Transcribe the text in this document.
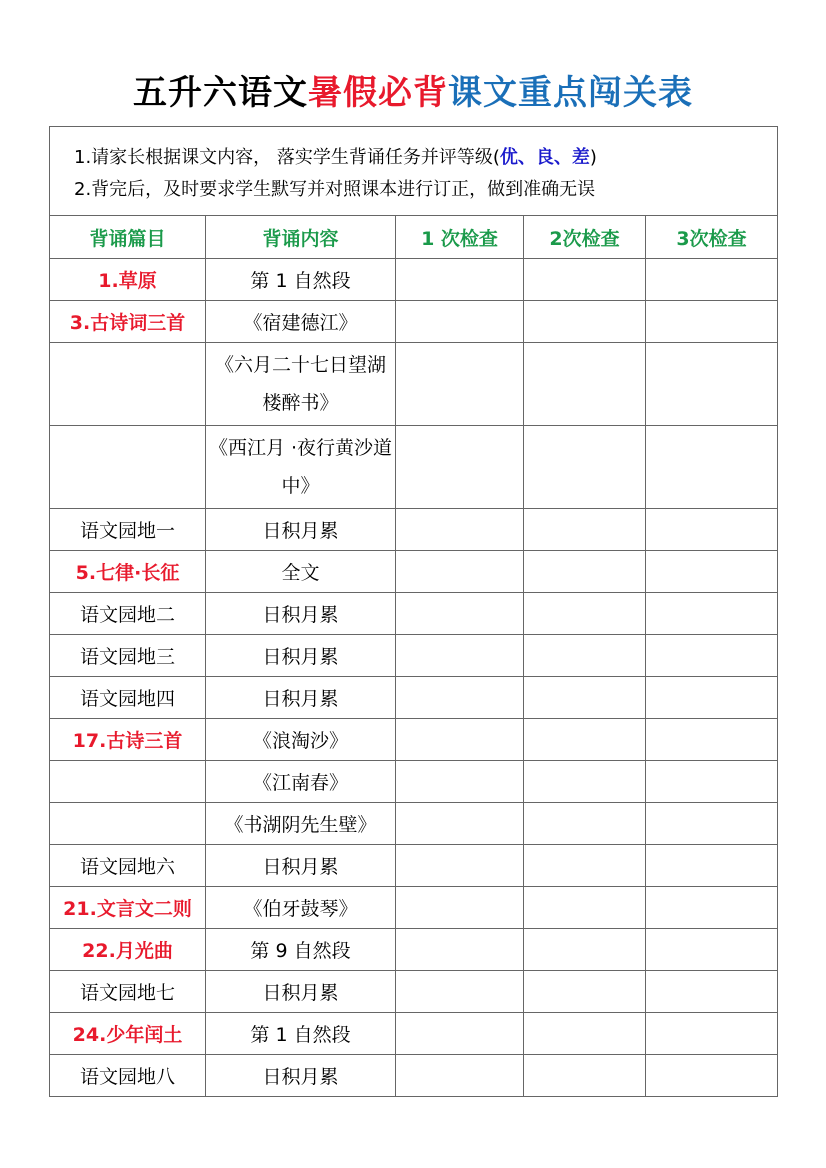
五升六语文暑假必背课文重点闯关表
1.请家长根据课文内容， 落实学生背诵任务并评等级(优、良、差)
2.背完后，及时要求学生默写并对照课本进行订正，做到准确无误				

背诵篇目	背诵内容	1 次检查	2次检查	3次检查
1.草原	第 1 自然段			
3.古诗词三首	《宿建德江》			
	《六月二十七日望湖楼醉书》			
	《西江月 ·夜行黄沙道中》			
语文园地一	日积月累			
5.七律·长征	全文			
语文园地二	日积月累			
语文园地三	日积月累			
语文园地四	日积月累			
17.古诗三首	《浪淘沙》			
	《江南春》			
	《书湖阴先生壁》			
语文园地六	日积月累			
21.文言文二则	《伯牙鼓琴》			
22.月光曲	第 9 自然段			
语文园地七	日积月累			
24.少年闰土	第 1 自然段			
语文园地八	日积月累			
